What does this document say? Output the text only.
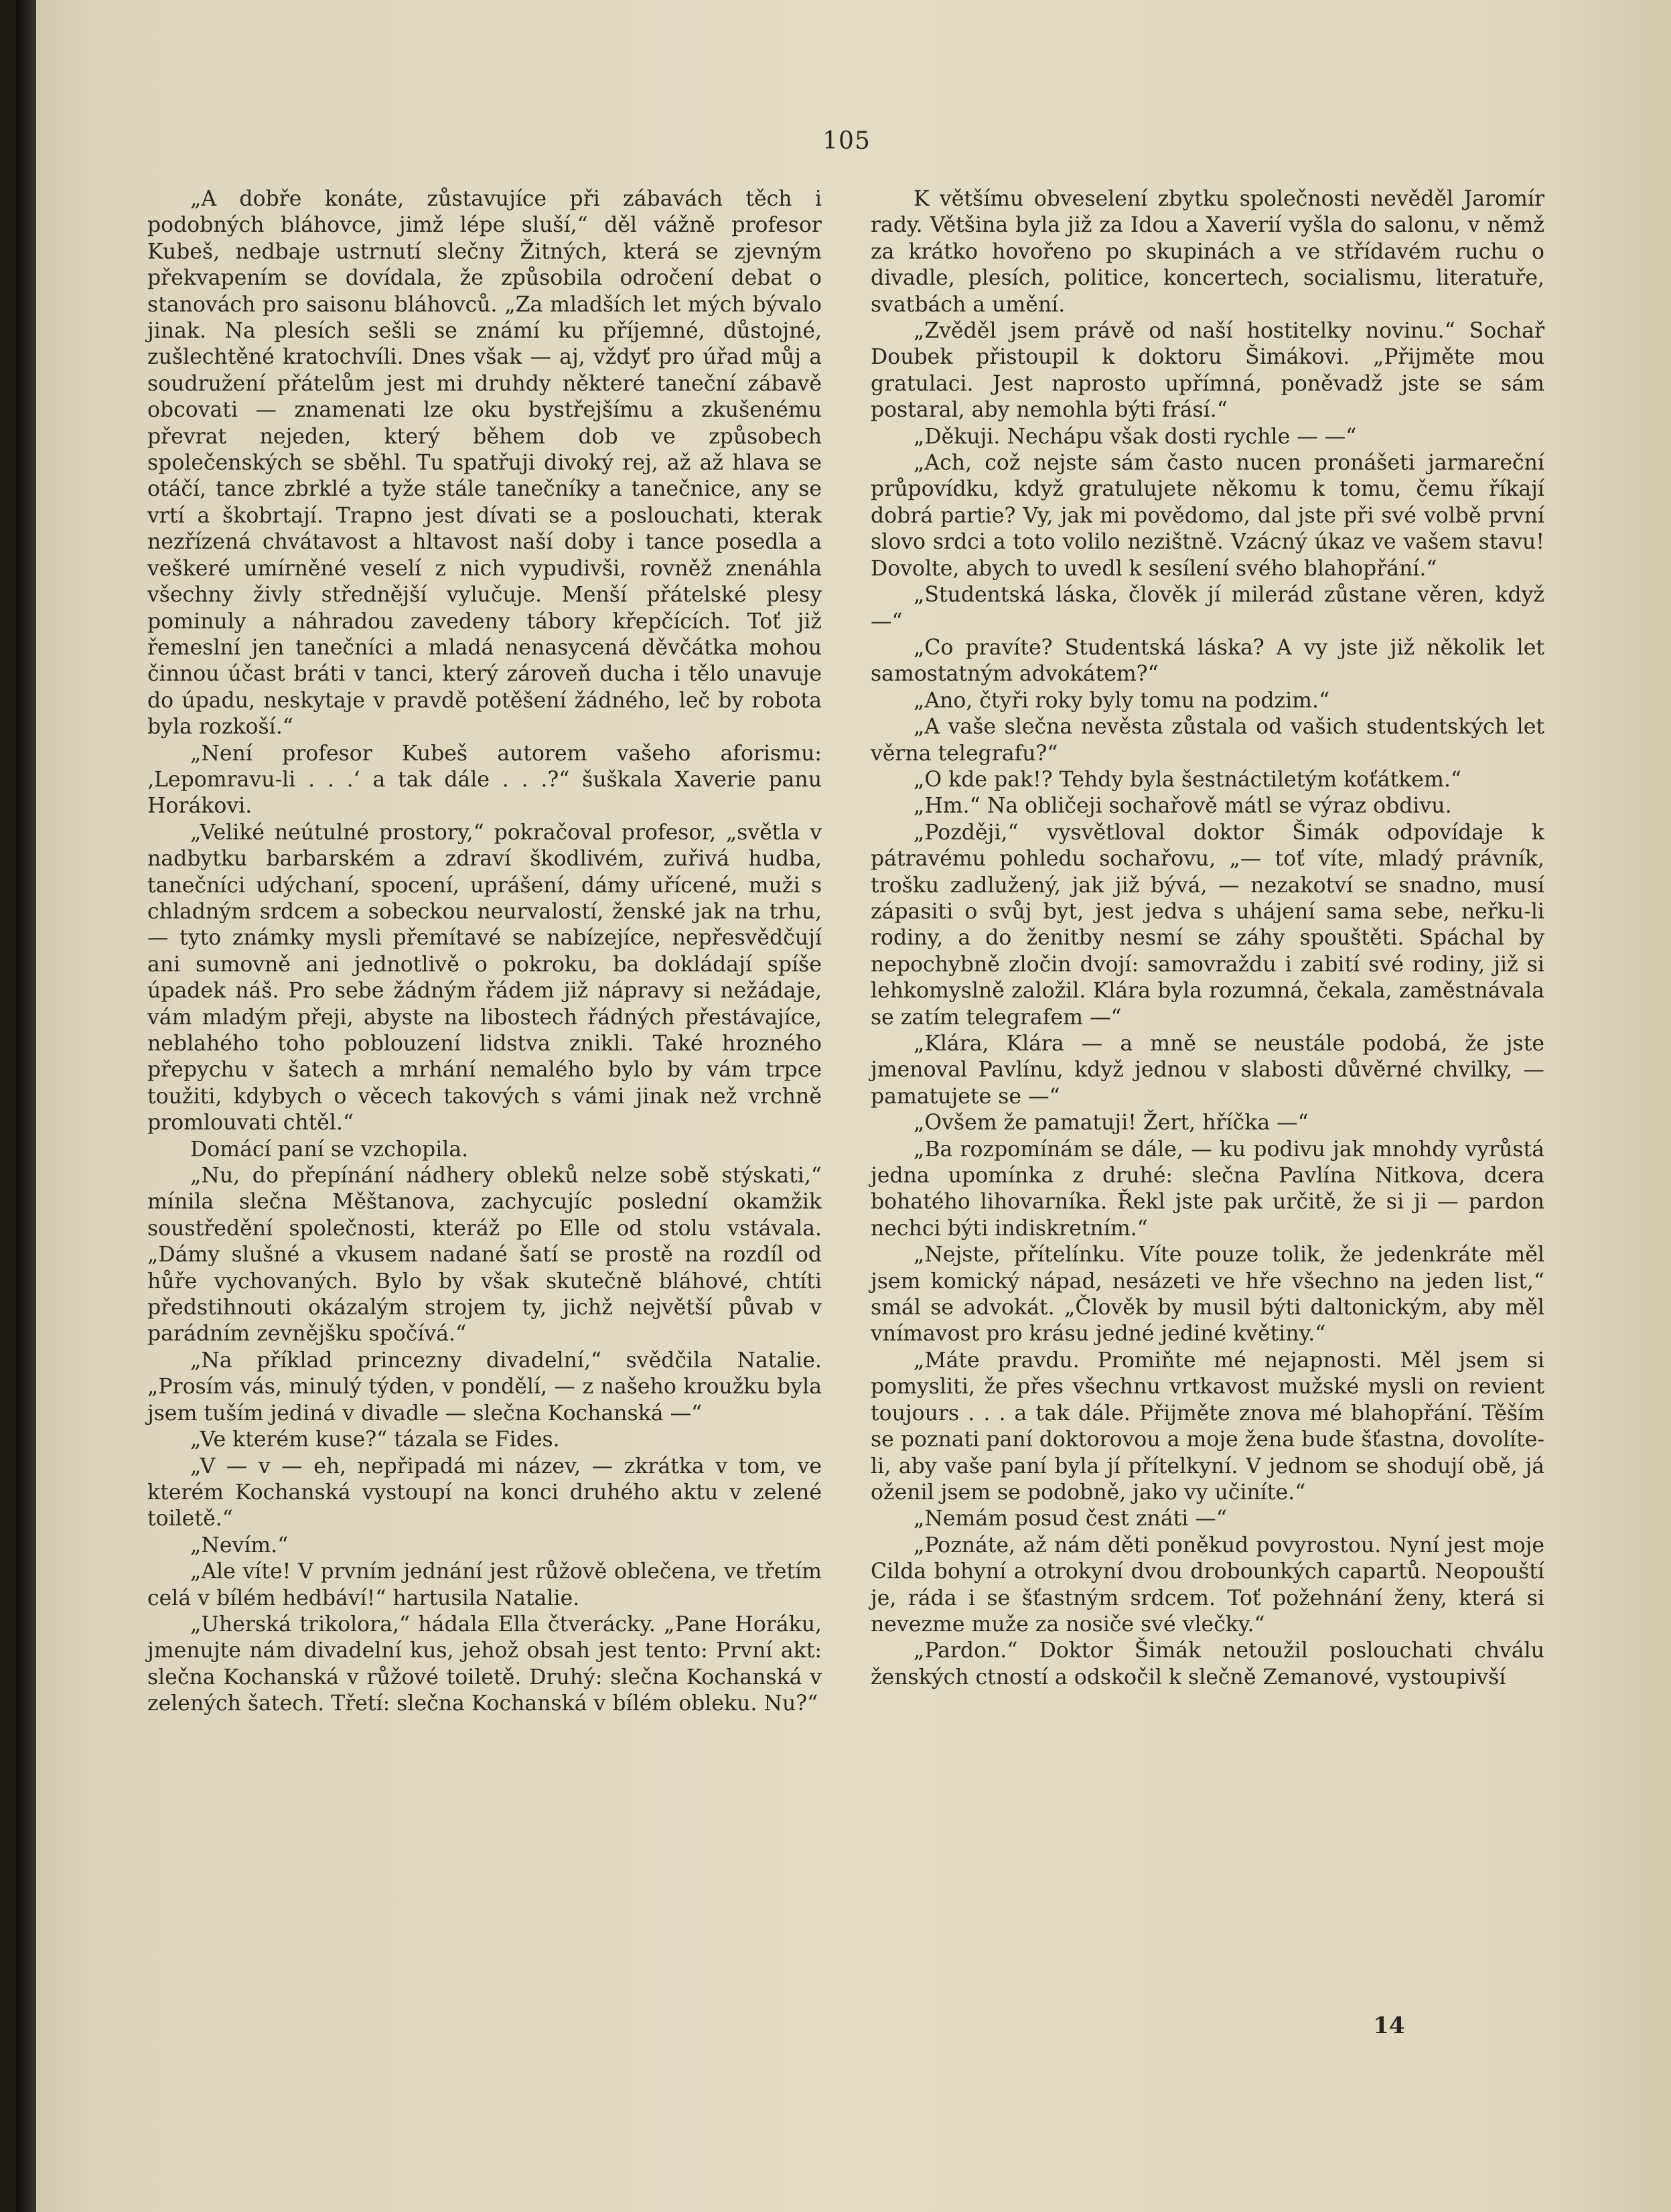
105

„A dobře konáte, zůstavujíce při zábavách těch i podobných bláhovce, jimž lépe sluší,“ děl vážně profesor Kubeš, nedbaje ustrnutí slečny Žitných, která se zjevným překvapením se dovídala, že způsobila odročení debat o stanovách pro saisonu bláhovců. „Za mladších let mých bývalo jinak. Na plesích sešli se známí ku příjemné, důstojné, zušlechtěné kratochvíli. Dnes však — aj, vždyť pro úřad můj a soudružení přátelům jest mi druhdy některé taneční zábavě obcovati — znamenati lze oku bystřejšímu a zkušenému převrat nejeden, který během dob ve způsobech společenských se sběhl. Tu spatřuji divoký rej, až až hlava se otáčí, tance zbrklé a tyže stále tanečníky a tanečnice, any se vrtí a škobrtají. Trapno jest dívati se a poslouchati, kterak nezřízená chvátavost a hltavost naší doby i tance posedla a veškeré umírněné veselí z nich vypudivši, rovněž znenáhla všechny živly střednější vylučuje. Menší přátelské plesy pominuly a náhradou zavedeny tábory křepčících. Toť již řemeslní jen tanečníci a mladá nenasycená děvčátka mohou činnou účast bráti v tanci, který zároveň ducha i tělo unavuje do úpadu, neskytaje v pravdě potěšení žádného, leč by robota byla rozkoší.“

„Není profesor Kubeš autorem vašeho aforismu: ‚Lepomravu-li . . .‘ a tak dále . . .?“ šuškala Xaverie panu Horákovi.

„Veliké neútulné prostory,“ pokračoval profesor, „světla v nadbytku barbarském a zdraví škodlivém, zuřivá hudba, tanečníci udýchaní, spocení, uprášení, dámy uřícené, muži s chladným srdcem a sobeckou neurvalostí, ženské jak na trhu, — tyto známky mysli přemítavé se nabízejíce, nepřesvědčují ani sumovně ani jednotlivě o pokroku, ba dokládají spíše úpadek náš. Pro sebe žádným řádem již nápravy si nežádaje, vám mladým přeji, abyste na libostech řádných přestávajíce, neblahého toho poblouzení lidstva znikli. Také hrozného přepychu v šatech a mrhání nemalého bylo by vám trpce toužiti, kdybych o věcech takových s vámi jinak než vrchně promlouvati chtěl.“

Domácí paní se vzchopila.

„Nu, do přepínání nádhery obleků nelze sobě stýskati,“ mínila slečna Měštanova, zachycujíc poslední okamžik soustředění společnosti, kteráž po Elle od stolu vstávala. „Dámy slušné a vkusem nadané šatí se prostě na rozdíl od hůře vychovaných. Bylo by však skutečně bláhové, chtíti předstihnouti okázalým strojem ty, jichž největší půvab v parádním zevnějšku spočívá.“

„Na příklad princezny divadelní,“ svědčila Natalie. „Prosím vás, minulý týden, v pondělí, — z našeho kroužku byla jsem tuším jediná v divadle — slečna Kochanská —“

„Ve kterém kuse?“ tázala se Fides.

„V — v — eh, nepřipadá mi název, — zkrátka v tom, ve kterém Kochanská vystoupí na konci druhého aktu v zelené toiletě.“

„Nevím.“

„Ale víte! V prvním jednání jest růžově oblečena, ve třetím celá v bílém hedbáví!“ hartusila Natalie.

„Uherská trikolora,“ hádala Ella čtverácky. „Pane Horáku, jmenujte nám divadelní kus, jehož obsah jest tento: První akt: slečna Kochanská v růžové toiletě. Druhý: slečna Kochanská v zelených šatech. Třetí: slečna Kochanská v bílém obleku. Nu?“

K většímu obveselení zbytku společnosti nevěděl Jaromír rady. Většina byla již za Idou a Xaverií vyšla do salonu, v němž za krátko hovořeno po skupinách a ve střídavém ruchu o divadle, plesích, politice, koncertech, socialismu, literatuře, svatbách a umění.

„Zvěděl jsem právě od naší hostitelky novinu.“ Sochař Doubek přistoupil k doktoru Šimákovi. „Přijměte mou gratulaci. Jest naprosto upřímná, poněvadž jste se sám postaral, aby nemohla býti frásí.“

„Děkuji. Nechápu však dosti rychle — —“

„Ach, což nejste sám často nucen pronášeti jarmareční průpovídku, když gratulujete někomu k tomu, čemu říkají dobrá partie? Vy, jak mi povědomo, dal jste při své volbě první slovo srdci a toto volilo nezištně. Vzácný úkaz ve vašem stavu! Dovolte, abych to uvedl k sesílení svého blahopřání.“

„Studentská láska, člověk jí milerád zůstane věren, když —“

„Co pravíte? Studentská láska? A vy jste již několik let samostatným advokátem?“

„Ano, čtyři roky byly tomu na podzim.“

„A vaše slečna nevěsta zůstala od vašich studentských let věrna telegrafu?“

„O kde pak!? Tehdy byla šestnáctiletým koťátkem.“

„Hm.“ Na obličeji sochařově mátl se výraz obdivu.

„Později,“ vysvětloval doktor Šimák odpovídaje k pátravému pohledu sochařovu, „— toť víte, mladý právník, trošku zadlužený, jak již bývá, — nezakotví se snadno, musí zápasiti o svůj byt, jest jedva s uhájení sama sebe, neřku-li rodiny, a do ženitby nesmí se záhy spouštěti. Spáchal by nepochybně zločin dvojí: samovraždu i zabití své rodiny, již si lehkomyslně založil. Klára byla rozumná, čekala, zaměstnávala se zatím telegrafem —“

„Klára, Klára — a mně se neustále podobá, že jste jmenoval Pavlínu, když jednou v slabosti důvěrné chvilky, — pamatujete se —“

„Ovšem že pamatuji! Žert, hříčka —“

„Ba rozpomínám se dále, — ku podivu jak mnohdy vyrůstá jedna upomínka z druhé: slečna Pavlína Nitkova, dcera bohatého lihovarníka. Řekl jste pak určitě, že si ji — pardon nechci býti indiskretním.“

„Nejste, přítelínku. Víte pouze tolik, že jedenkráte měl jsem komický nápad, nesázeti ve hře všechno na jeden list,“ smál se advokát. „Člověk by musil býti daltonickým, aby měl vnímavost pro krásu jedné jediné květiny.“

„Máte pravdu. Promiňte mé nejapnosti. Měl jsem si pomysliti, že přes všechnu vrtkavost mužské mysli on revient toujours . . . a tak dále. Přijměte znova mé blahopřání. Těším se poznati paní doktorovou a moje žena bude šťastna, dovolíte-li, aby vaše paní byla jí přítelkyní. V jednom se shodují obě, já oženil jsem se podobně, jako vy učiníte.“

„Nemám posud čest znáti —“

„Poznáte, až nám děti poněkud povyrostou. Nyní jest moje Cilda bohyní a otrokyní dvou drobounkých capartů. Neopouští je, ráda i se šťastným srdcem. Toť požehnání ženy, která si nevezme muže za nosiče své vlečky.“

„Pardon.“ Doktor Šimák netoužil poslouchati chválu ženských ctností a odskočil k slečně Zemanové, vystoupivší

14
